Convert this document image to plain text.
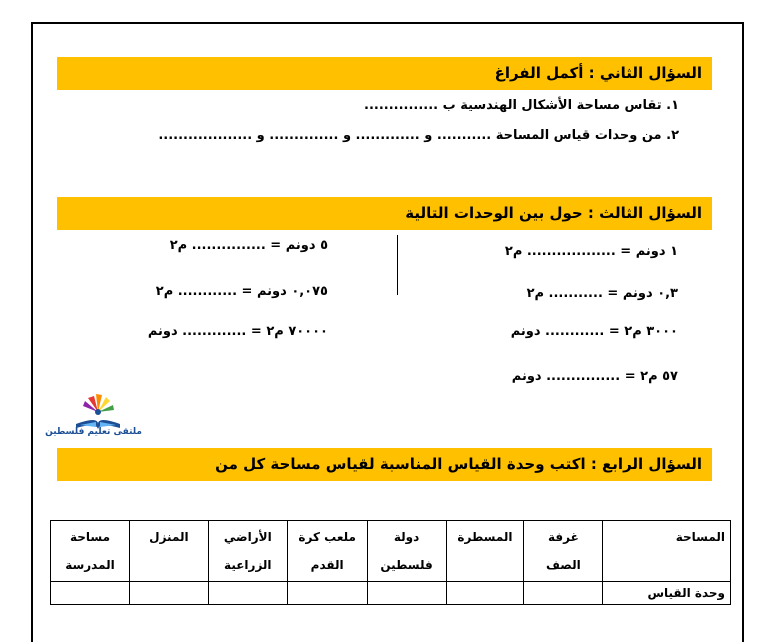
السؤال الثاني : أكمل الفراغ
١. تقاس مساحة الأشكال الهندسية ب ...............
٢. من وحدات قياس المساحة ........... و ............. و .............. و ...................
السؤال الثالث : حول بين الوحدات التالية
١ دونم = .................. م٢
٠,٣ دونم = ........... م٢
٣٠٠٠ م٢ = ............ دونم
٥٧ م٢ = ............... دونم
٥ دونم = ............... م٢
٠,٠٧٥ دونم = ............ م٢
٧٠٠٠٠ م٢ = ............. دونم
ملتقى تعليم فلسطين
السؤال الرابع : اكتب وحدة القياس المناسبة لقياس مساحة كل من
المساحة	غرفة الصف	المسطرة	دولة فلسطين	ملعب كرة القدم	الأراضي الزراعية	المنزل	مساحة المدرسة
وحدة القياس							
